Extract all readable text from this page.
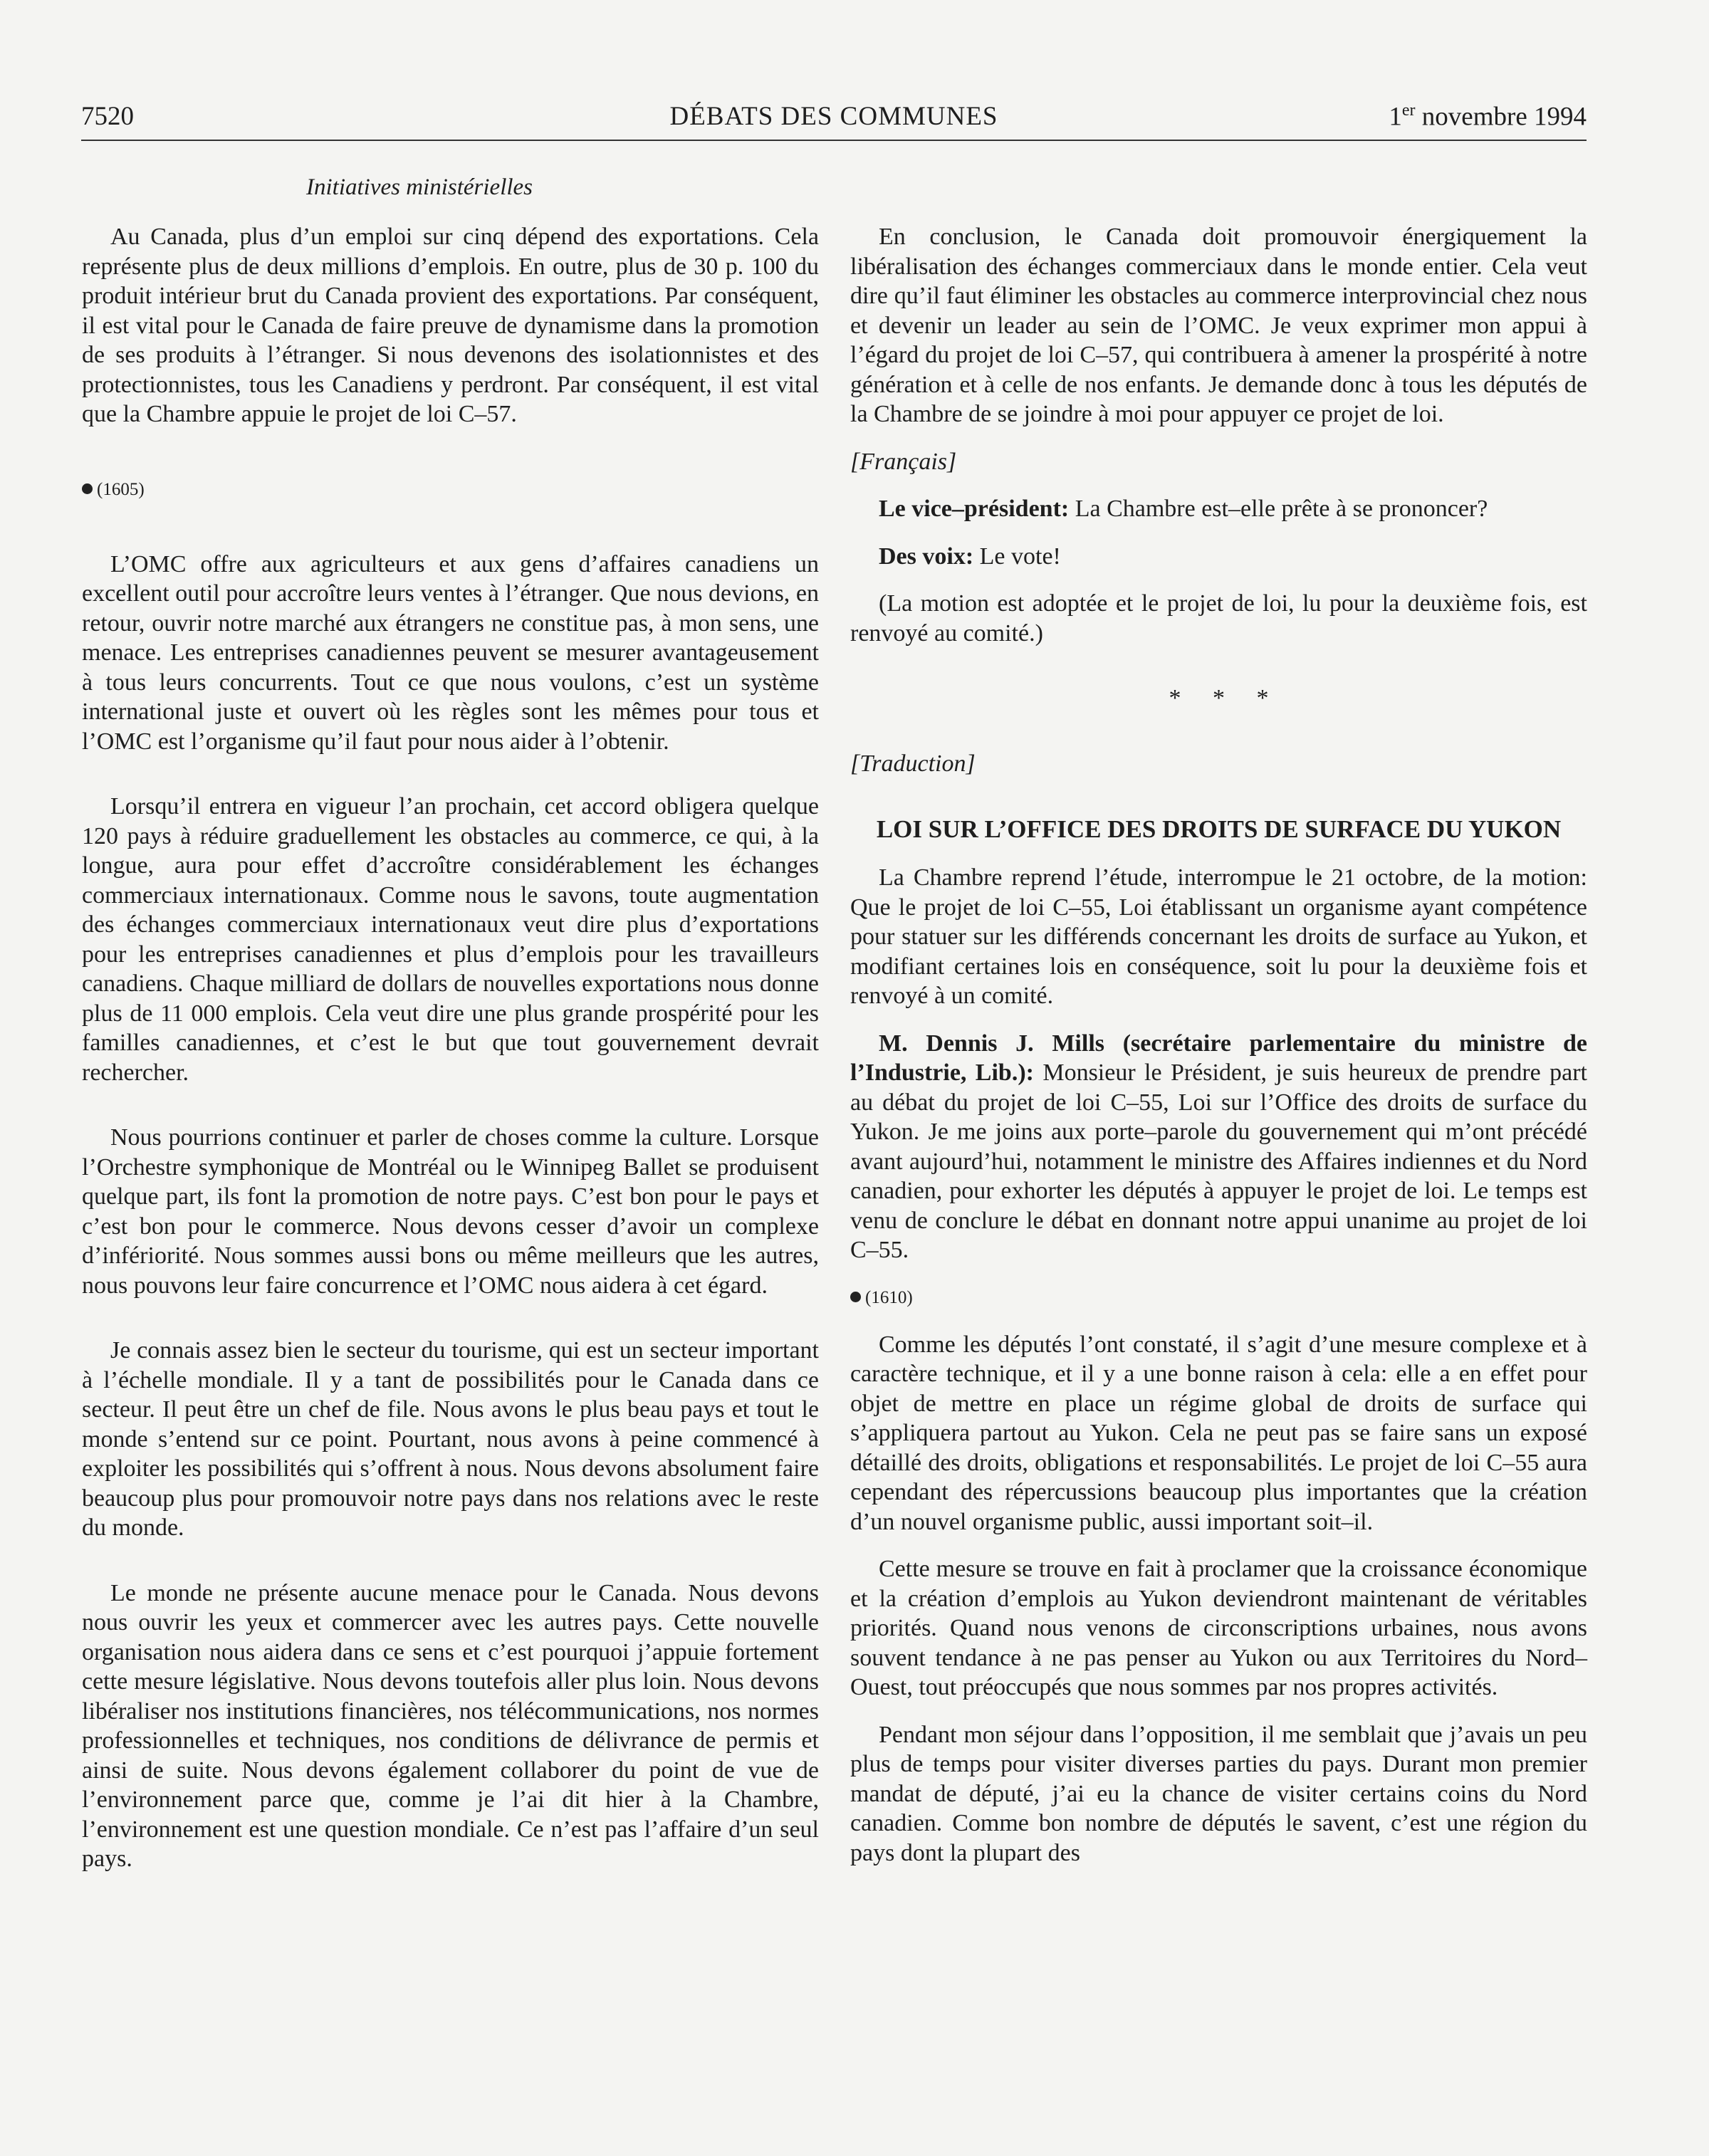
7520	DÉBATS DES COMMUNES	1er novembre 1994
Initiatives ministérielles

Au Canada, plus d’un emploi sur cinq dépend des exportations. Cela représente plus de deux millions d’emplois. En outre, plus de 30 p. 100 du produit intérieur brut du Canada provient des exportations. Par conséquent, il est vital pour le Canada de faire preuve de dynamisme dans la promotion de ses produits à l’étranger. Si nous devenons des isolationnistes et des protectionnistes, tous les Canadiens y perdront. Par conséquent, il est vital que la Chambre appuie le projet de loi C–57.

(1605)

L’OMC offre aux agriculteurs et aux gens d’affaires canadiens un excellent outil pour accroître leurs ventes à l’étranger. Que nous devions, en retour, ouvrir notre marché aux étrangers ne constitue pas, à mon sens, une menace. Les entreprises canadiennes peuvent se mesurer avantageusement à tous leurs concurrents. Tout ce que nous voulons, c’est un système international juste et ouvert où les règles sont les mêmes pour tous et l’OMC est l’organisme qu’il faut pour nous aider à l’obtenir.

Lorsqu’il entrera en vigueur l’an prochain, cet accord obligera quelque 120 pays à réduire graduellement les obstacles au commerce, ce qui, à la longue, aura pour effet d’accroître considérablement les échanges commerciaux internationaux. Comme nous le savons, toute augmentation des échanges commerciaux internationaux veut dire plus d’exportations pour les entreprises canadiennes et plus d’emplois pour les travailleurs canadiens. Chaque milliard de dollars de nouvelles exportations nous donne plus de 11 000 emplois. Cela veut dire une plus grande prospérité pour les familles canadiennes, et c’est le but que tout gouvernement devrait rechercher.

Nous pourrions continuer et parler de choses comme la culture. Lorsque l’Orchestre symphonique de Montréal ou le Winnipeg Ballet se produisent quelque part, ils font la promotion de notre pays. C’est bon pour le pays et c’est bon pour le commerce. Nous devons cesser d’avoir un complexe d’infériorité. Nous sommes aussi bons ou même meilleurs que les autres, nous pouvons leur faire concurrence et l’OMC nous aidera à cet égard.

Je connais assez bien le secteur du tourisme, qui est un secteur important à l’échelle mondiale. Il y a tant de possibilités pour le Canada dans ce secteur. Il peut être un chef de file. Nous avons le plus beau pays et tout le monde s’entend sur ce point. Pourtant, nous avons à peine commencé à exploiter les possibilités qui s’offrent à nous. Nous devons absolument faire beaucoup plus pour promouvoir notre pays dans nos relations avec le reste du monde.

Le monde ne présente aucune menace pour le Canada. Nous devons nous ouvrir les yeux et commercer avec les autres pays. Cette nouvelle organisation nous aidera dans ce sens et c’est pourquoi j’appuie fortement cette mesure législative. Nous devons toutefois aller plus loin. Nous devons libéraliser nos institutions financières, nos télécommunications, nos normes professionnelles et techniques, nos conditions de délivrance de permis et ainsi de suite. Nous devons également collaborer du point de vue de l’environnement parce que, comme je l’ai dit hier à la Chambre, l’environnement est une question mondiale. Ce n’est pas l’affaire d’un seul pays.

En conclusion, le Canada doit promouvoir énergiquement la libéralisation des échanges commerciaux dans le monde entier. Cela veut dire qu’il faut éliminer les obstacles au commerce interprovincial chez nous et devenir un leader au sein de l’OMC. Je veux exprimer mon appui à l’égard du projet de loi C–57, qui contribuera à amener la prospérité à notre génération et à celle de nos enfants. Je demande donc à tous les députés de la Chambre de se joindre à moi pour appuyer ce projet de loi.

[Français]

Le vice–président: La Chambre est–elle prête à se prononcer?

Des voix: Le vote!

(La motion est adoptée et le projet de loi, lu pour la deuxième fois, est renvoyé au comité.)

* * *

[Traduction]

LOI SUR L’OFFICE DES DROITS DE SURFACE DU YUKON

La Chambre reprend l’étude, interrompue le 21 octobre, de la motion: Que le projet de loi C–55, Loi établissant un organisme ayant compétence pour statuer sur les différends concernant les droits de surface au Yukon, et modifiant certaines lois en conséquence, soit lu pour la deuxième fois et renvoyé à un comité.

M. Dennis J. Mills (secrétaire parlementaire du ministre de l’Industrie, Lib.): Monsieur le Président, je suis heureux de prendre part au débat du projet de loi C–55, Loi sur l’Office des droits de surface du Yukon. Je me joins aux porte–parole du gouvernement qui m’ont précédé avant aujourd’hui, notamment le ministre des Affaires indiennes et du Nord canadien, pour exhorter les députés à appuyer le projet de loi. Le temps est venu de conclure le débat en donnant notre appui unanime au projet de loi C–55.

(1610)

Comme les députés l’ont constaté, il s’agit d’une mesure complexe et à caractère technique, et il y a une bonne raison à cela: elle a en effet pour objet de mettre en place un régime global de droits de surface qui s’appliquera partout au Yukon. Cela ne peut pas se faire sans un exposé détaillé des droits, obligations et responsabilités. Le projet de loi C–55 aura cependant des répercussions beaucoup plus importantes que la création d’un nouvel organisme public, aussi important soit–il.

Cette mesure se trouve en fait à proclamer que la croissance économique et la création d’emplois au Yukon deviendront maintenant de véritables priorités. Quand nous venons de circonscriptions urbaines, nous avons souvent tendance à ne pas penser au Yukon ou aux Territoires du Nord–Ouest, tout préoccupés que nous sommes par nos propres activités.

Pendant mon séjour dans l’opposition, il me semblait que j’avais un peu plus de temps pour visiter diverses parties du pays. Durant mon premier mandat de député, j’ai eu la chance de visiter certains coins du Nord canadien. Comme bon nombre de députés le savent, c’est une région du pays dont la plupart des
